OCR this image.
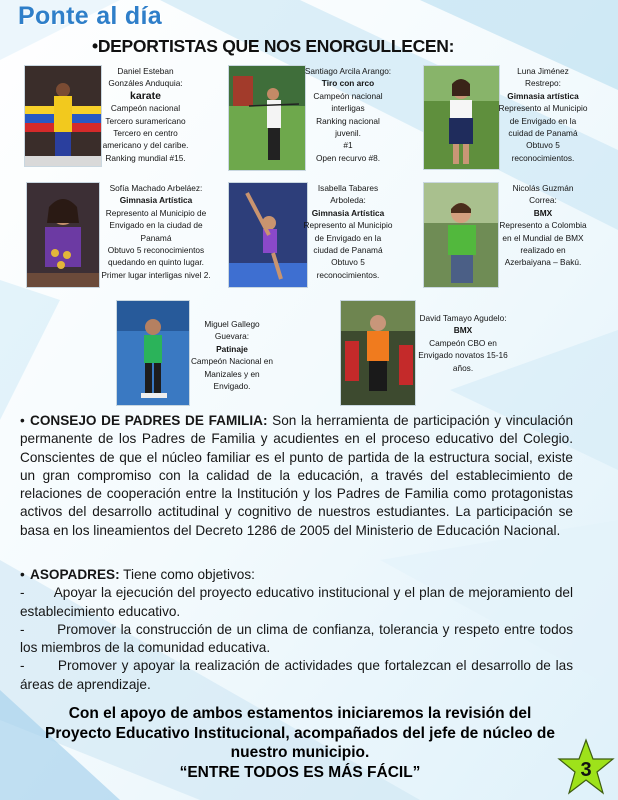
Ponte al día
•DEPORTISTAS QUE NOS ENORGULLECEN:
Daniel Esteban
Gonzáles Anduquia:
karate
Campeón nacional
Tercero suramericano
Tercero en centro
americano y del caribe.
Ranking mundial #15.
Santiago Arcila Arango:
Tiro con arco
Campeón nacional
interligas
Ranking nacional
juvenil.
#1
Open recurvo #8.
Luna Jiménez
Restrepo:
Gimnasia artística
Represento al Municipio
de Envigado en la
cuidad de Panamá
Obtuvo 5
reconocimientos.
Sofía Machado Arbeláez:
Gimnasia Artística
Represento al Municipio de
Envigado en la ciudad de
Panamá
Obtuvo 5 reconocimientos
quedando en quinto lugar.
Primer lugar interligas nivel 2.
Isabella Tabares
Arboleda:
Gimnasia Artística
Represento al Municipio
de Envigado en la
ciudad de Panamá
Obtuvo 5
reconocimientos.
Nicolás Guzmán
Correa:
BMX
Represento a Colombia
en el Mundial de BMX
realizado en
Azerbaiyana – Bakú.
Miguel Gallego
Guevara:
Patinaje
Campeón Nacional en
Manizales y en
Envigado.
David Tamayo Agudelo:
BMX
Campeón CBO en
Envigado novatos 15-16
años.
• CONSEJO DE PADRES DE FAMILIA: Son la herramienta de participación y vinculación permanente de los Padres de Familia y acudientes en el proceso educativo del Colegio. Conscientes de que el núcleo familiar es el punto de partida de la estructura social, existe un gran compromiso con la calidad de la educación, a través del establecimiento de relaciones de cooperación entre la Institución y los Padres de Familia como protagonistas activos del desarrollo actitudinal y cognitivo de nuestros estudiantes. La participación se basa en los lineamientos del Decreto 1286 de 2005 del Ministerio de Educación Nacional.
• ASOPADRES: Tiene como objetivos:
-       Apoyar la ejecución del proyecto educativo institucional y el plan de mejoramiento del establecimiento educativo.
-       Promover la construcción de un clima de confianza, tolerancia y respeto entre todos los miembros de la comunidad educativa.
-       Promover y apoyar la realización de actividades que fortalezcan el desarrollo de las áreas de aprendizaje.
Con el apoyo de ambos estamentos iniciaremos la revisión del
Proyecto Educativo Institucional, acompañados del jefe de núcleo de
nuestro municipio.
“ENTRE TODOS ES MÁS FÁCIL”	3
